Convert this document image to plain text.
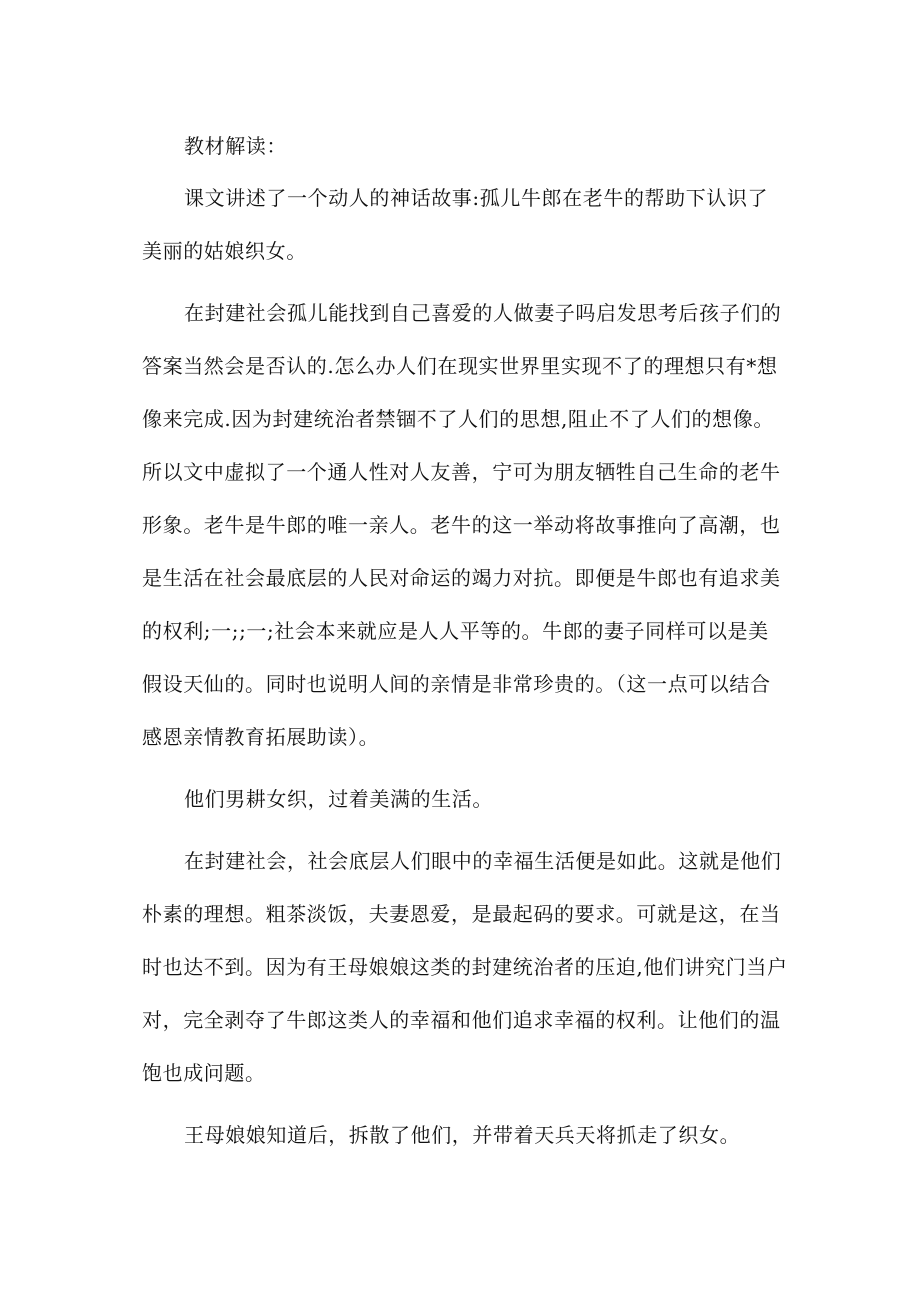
教材解读：
课文讲述了一个动人的神话故事:孤儿牛郎在老牛的帮助下认识了
美丽的姑娘织女。
在封建社会孤儿能找到自己喜爱的人做妻子吗启发思考后孩子们的
答案当然会是否认的.怎么办人们在现实世界里实现不了的理想只有*想
像来完成.因为封建统治者禁锢不了人们的思想,阻止不了人们的想像。
所以文中虚拟了一个通人性对人友善，宁可为朋友牺牲自己生命的老牛
形象。老牛是牛郎的唯一亲人。老牛的这一举动将故事推向了高潮，也
是生活在社会最底层的人民对命运的竭力对抗。即便是牛郎也有追求美
的权利;一;;一;社会本来就应是人人平等的。牛郎的妻子同样可以是美
假设天仙的。同时也说明人间的亲情是非常珍贵的。（这一点可以结合
感恩亲情教育拓展助读）。
他们男耕女织，过着美满的生活。
在封建社会，社会底层人们眼中的幸福生活便是如此。这就是他们
朴素的理想。粗茶淡饭，夫妻恩爱，是最起码的要求。可就是这，在当
时也达不到。因为有王母娘娘这类的封建统治者的压迫,他们讲究门当户
对，完全剥夺了牛郎这类人的幸福和他们追求幸福的权利。让他们的温
饱也成问题。
王母娘娘知道后，拆散了他们，并带着天兵天将抓走了织女。
